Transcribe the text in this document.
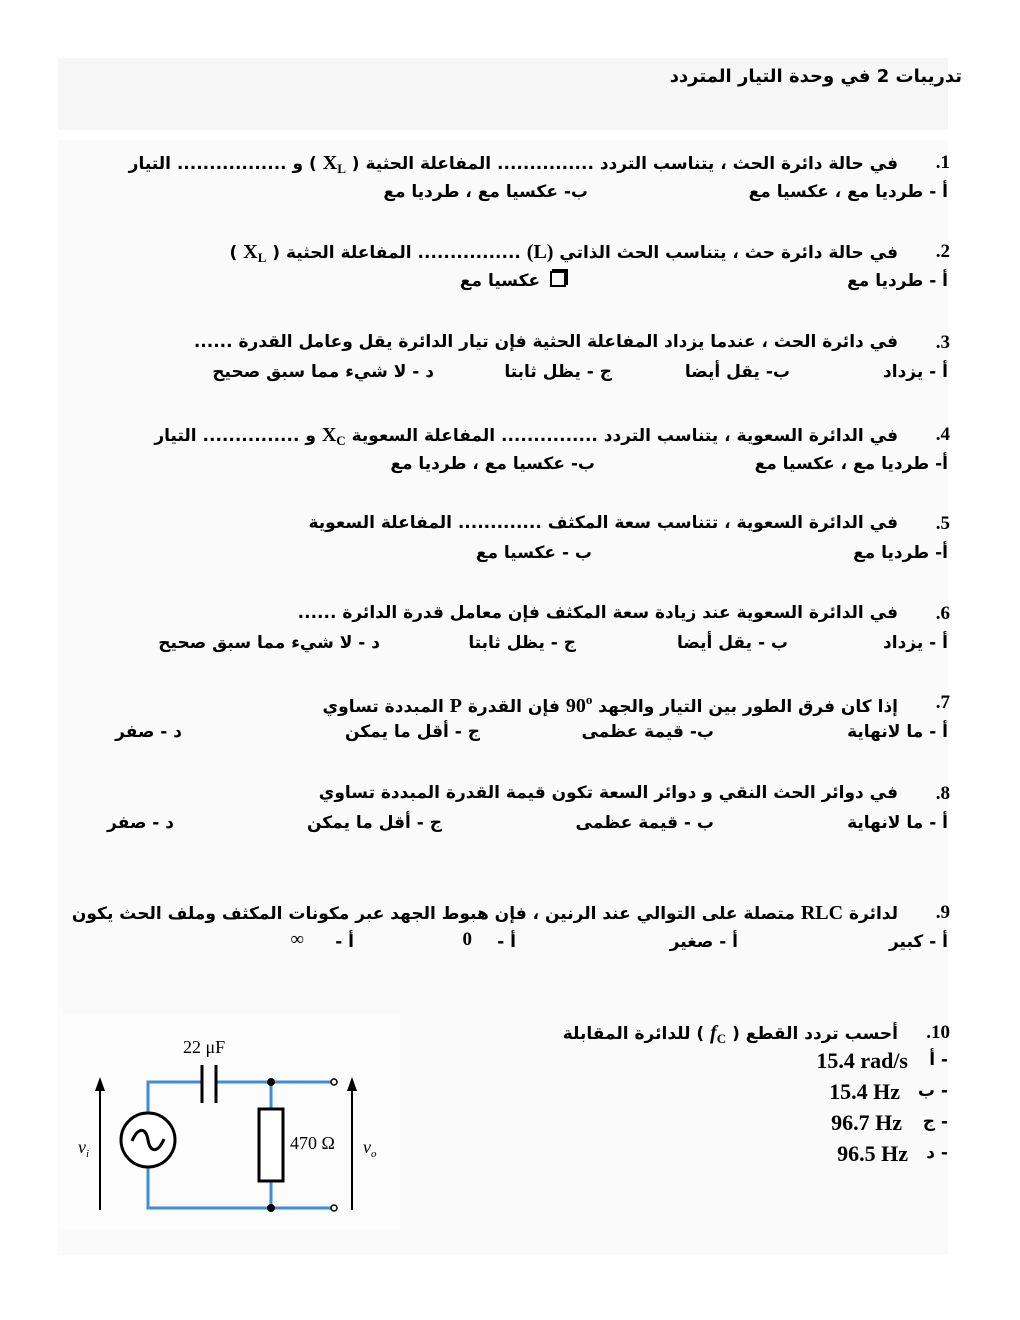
تدريبات 2 في وحدة التيار المتردد
.1
في حالة دائرة الحث ، يتناسب التردد ............... المفاعلة الحثية ( $X_L$ ) و ................. التيار
أ - طرديا مع ، عكسيا مع
ب- عكسيا مع ، طرديا مع
.2
في حالة دائرة حث ، يتناسب الحث الذاتي (L) ................ المفاعلة الحثية ( $X_L$ )
أ - طرديا مع
عكسيا مع
.3
في دائرة الحث ، عندما يزداد المفاعلة الحثية فإن تيار الدائرة يقل وعامل القدرة ......
أ - يزداد
ب- يقل أيضا
ج - يظل ثابتا
د - لا شيء مما سبق صحيح
.4
في الدائرة السعوية ، يتناسب التردد ............... المفاعلة السعوية $X_C$ و ............... التيار
أ- طرديا مع ، عكسيا مع
ب- عكسيا مع ، طرديا مع
.5
في الدائرة السعوية ، تتناسب سعة المكثف ............. المفاعلة السعوية
أ- طرديا مع
ب - عكسيا مع
.6
في الدائرة السعوية عند زيادة سعة المكثف فإن معامل قدرة الدائرة ......
أ - يزداد
ب - يقل أيضا
ج - يظل ثابتا
د - لا شيء مما سبق صحيح
.7
إذا كان فرق الطور بين التيار والجهد 90$^o$ فإن القدرة P المبددة تساوي
أ - ما لانهاية
ب- قيمة عظمى
ج - أقل ما يمكن
د - صفر
.8
في دوائر الحث النقي و دوائر السعة تكون قيمة القدرة المبددة تساوي
أ - ما لانهاية
ب - قيمة عظمى
ج - أقل ما يمكن
د - صفر
.9
لدائرة RLC متصلة على التوالي عند الرنين ، فإن هبوط الجهد عبر مكونات المكثف وملف الحث يكون
أ - كبير
أ - صغير
أ -
0
أ -
∞
.10
أحسب تردد القطع ( $f_C$ ) للدائرة المقابلة
أ -
15.4 rad/s
ب -
15.4 Hz
ج -
96.7 Hz
د -
96.5 Hz
22 μF
470 Ω
$v_i$	$v_o$
